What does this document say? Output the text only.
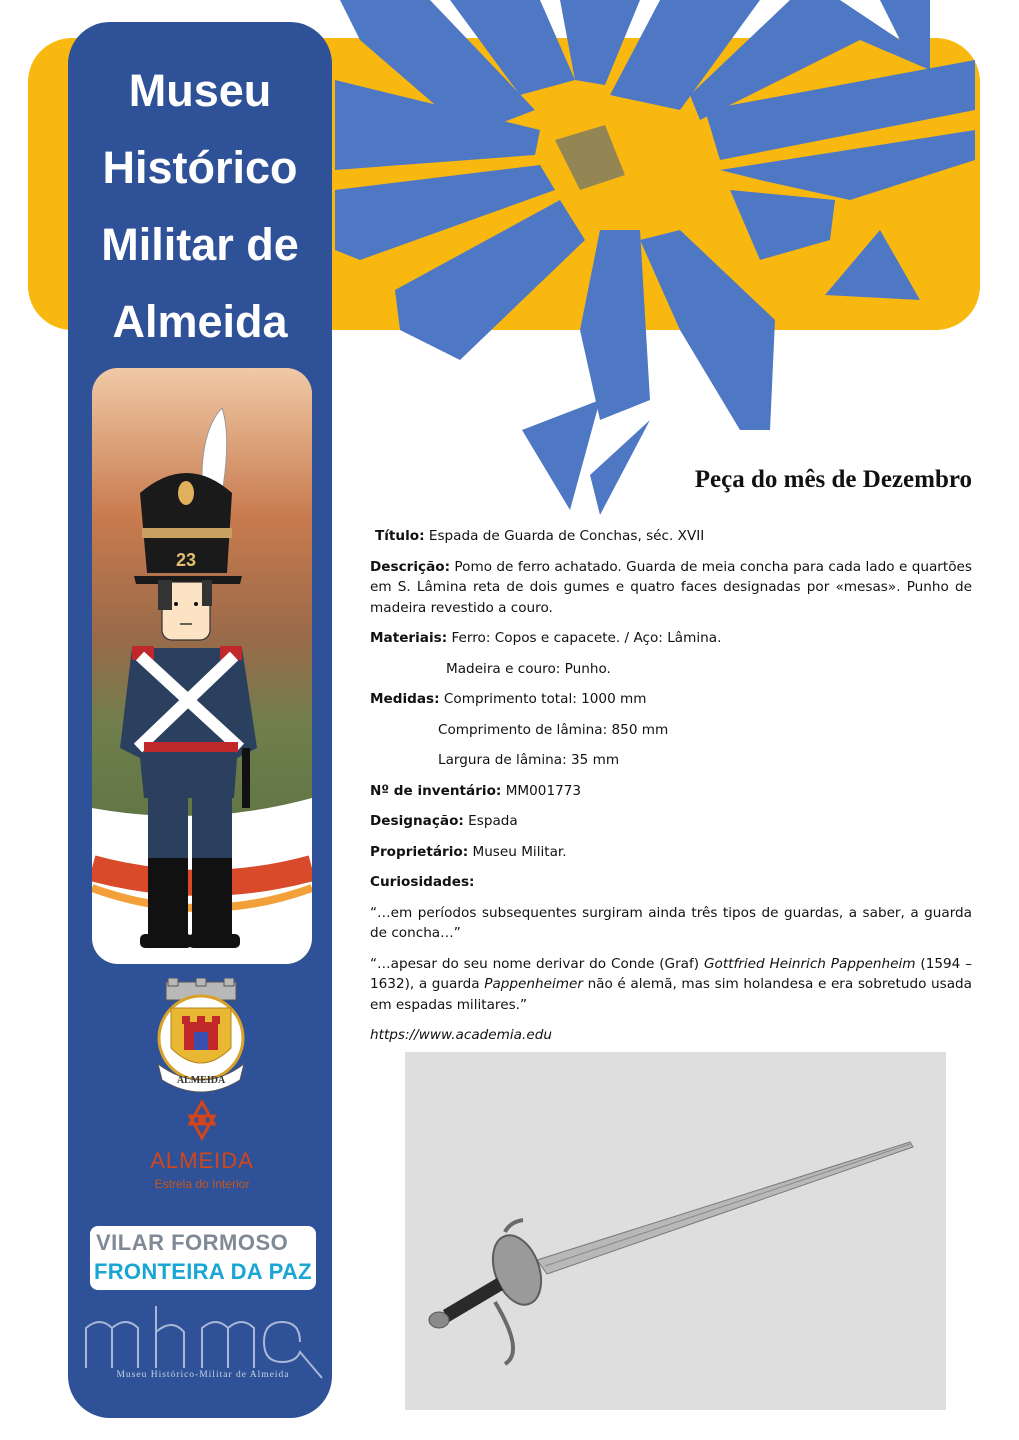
Museu
Histórico
Militar de
Almeida
23
ALMEIDA
ALMEIDA
Estrela do Interior
VILAR FORMOSO
FRONTEIRA DA PAZ
Museu Histórico-Militar de Almeida
Peça do mês de Dezembro

Título: Espada de Guarda de Conchas, séc. XVII

Descrição: Pomo de ferro achatado. Guarda de meia concha para cada lado e quartões em S. Lâmina reta de dois gumes e quatro faces designadas por «mesas». Punho de madeira revestido a couro.

Materiais: Ferro: Copos e capacete. / Aço: Lâmina.

Madeira e couro: Punho.

Medidas: Comprimento total: 1000 mm

Comprimento de lâmina: 850 mm

Largura de lâmina: 35 mm

Nº de inventário: MM001773

Designação: Espada

Proprietário: Museu Militar.

Curiosidades:

“…em períodos subsequentes surgiram ainda três tipos de guardas, a saber, a guarda de concha…”

“…apesar do seu nome derivar do Conde (Graf) Gottfried Heinrich Pappenheim (1594 – 1632), a guarda Pappenheimer não é alemã, mas sim holandesa e era sobretudo usada em espadas militares.”

https://www.academia.edu
